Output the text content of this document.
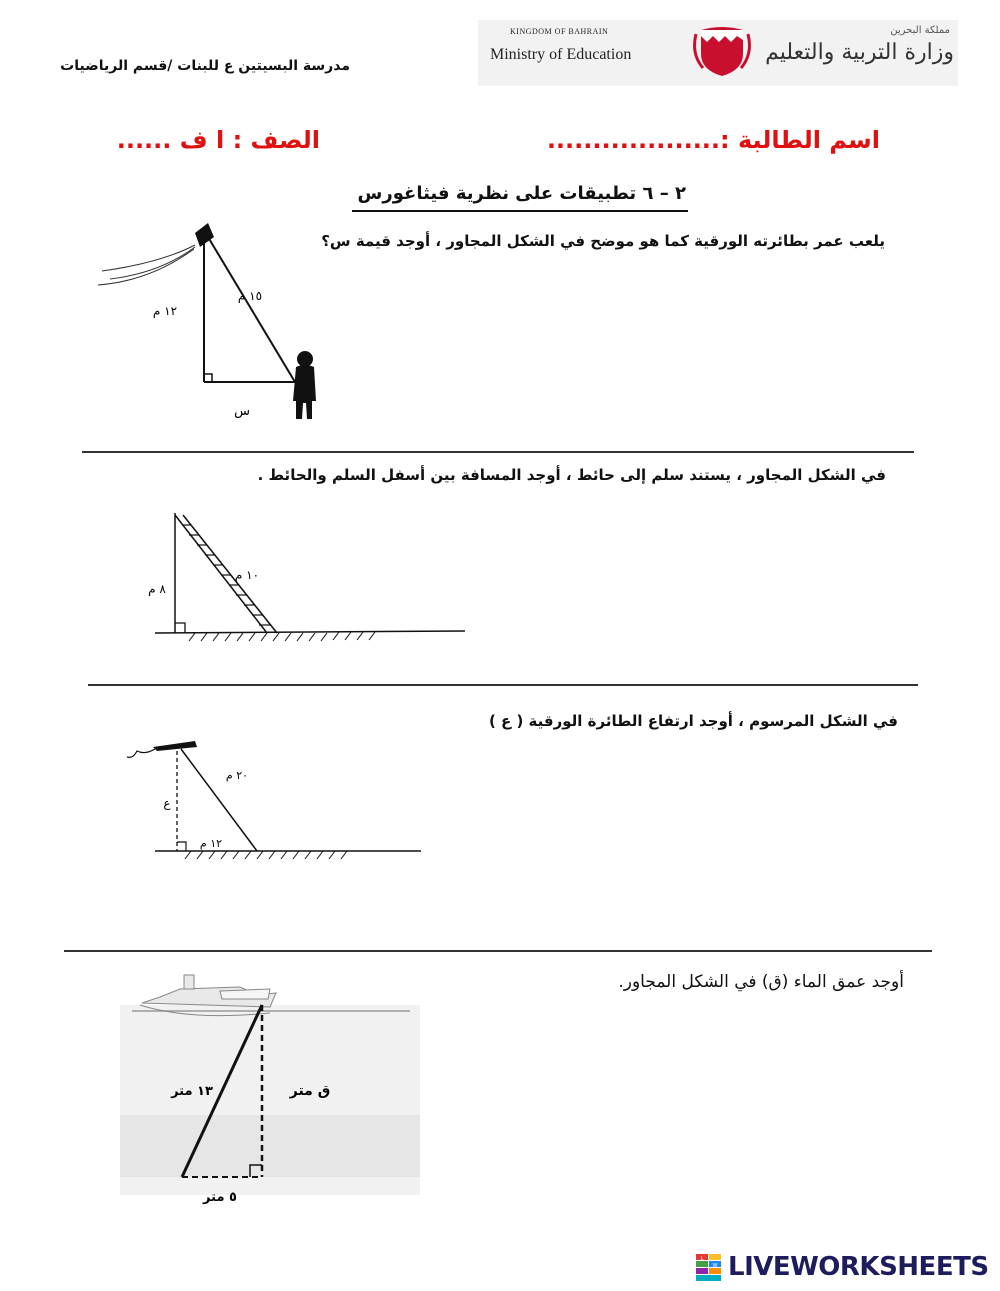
مدرسة البسيتين ع للبنات /قسم الرياضيات
KINGDOM OF BAHRAIN
Ministry of Education
مملكة البحرين
وزارة التربية والتعليم
اسم الطالبة :...................
الصف : ا ف ......
٢ – ٦ تطبيقات على نظرية فيثاغورس
يلعب عمر بطائرته الورقية كما هو موضح في الشكل المجاور ، أوجد قيمة س؟
١٥ م
١٢ م
س
في الشكل المجاور ، يستند سلم إلى حائط ، أوجد المسافة بين أسفل السلم والحائط .
١٠ م
٨ م
في الشكل المرسوم ، أوجد ارتفاع الطائرة الورقية ( ع )
٢٠ م
ع
١٢ م
أوجد عمق الماء (ق) في الشكل المجاور.
١٣ متر	ق متر
٥ متر
L
W LIVEWORKSHEETS
